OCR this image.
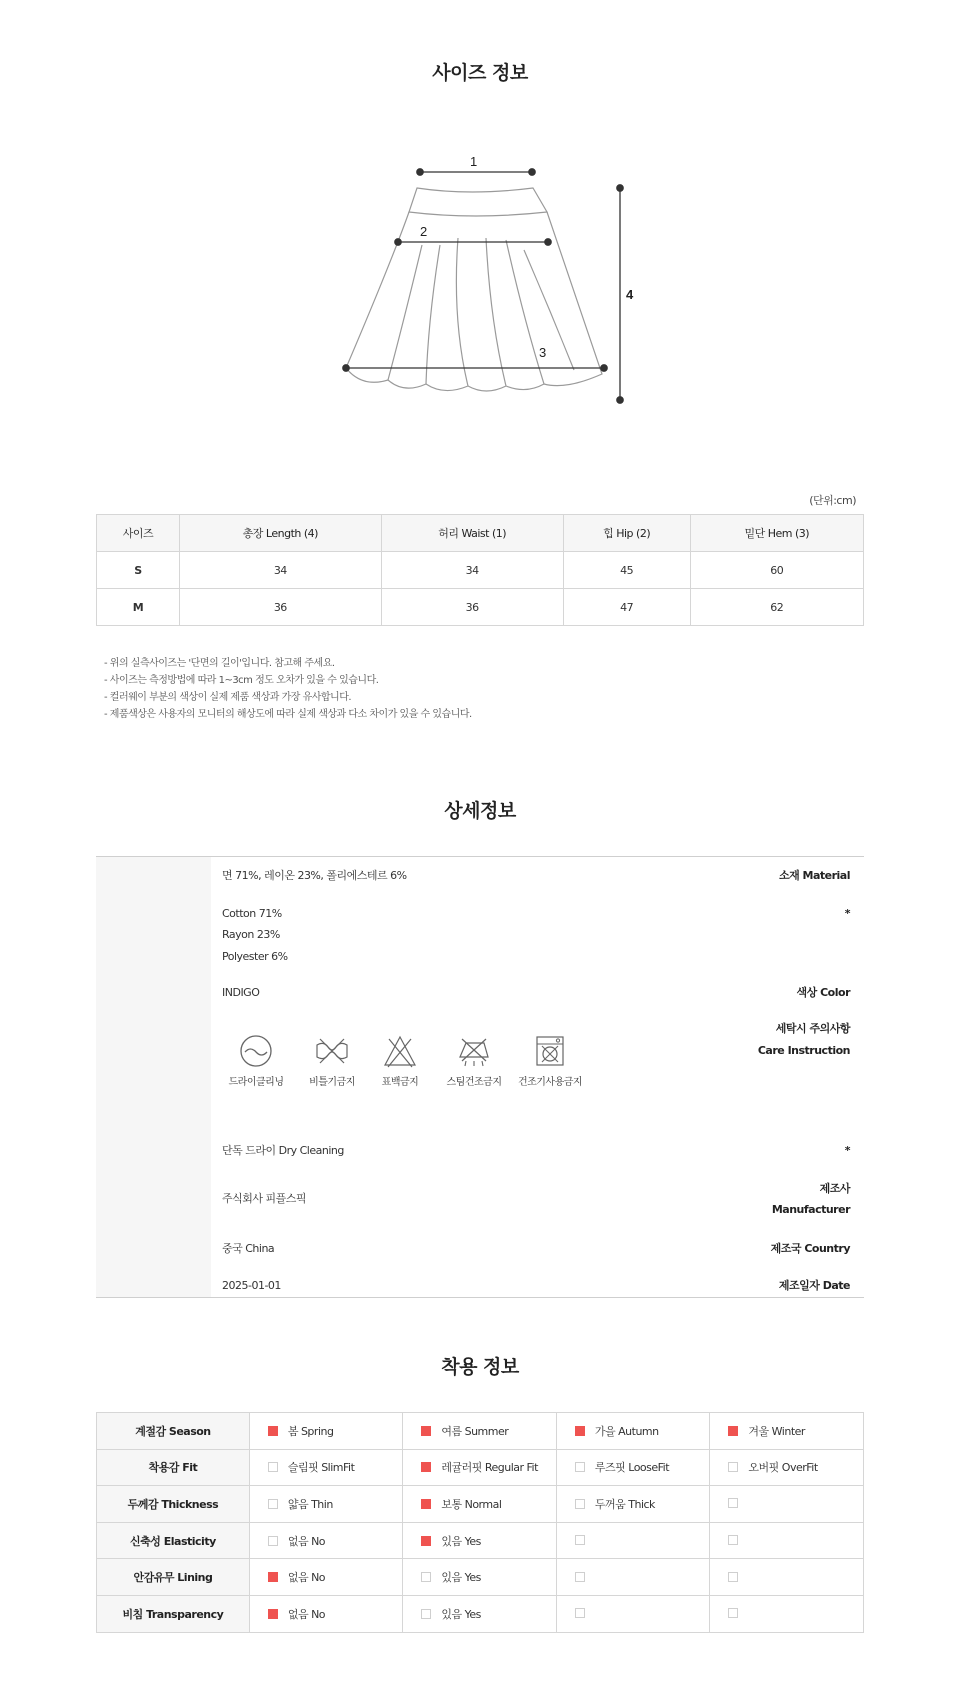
사이즈 정보
1
2
3
4
(단위:cm)
사이즈	총장 Length (4)	허리 Waist (1)	힙 Hip (2)	밑단 Hem (3)
S	34	34	45	60
M	36	36	47	62
- 위의 실측사이즈는 '단면의 길이'입니다. 참고해 주세요.
- 사이즈는 측정방법에 따라 1~3cm 정도 오차가 있을 수 있습니다.
- 컬러웨이 부분의 색상이 실제 제품 색상과 가장 유사합니다.
- 제품색상은 사용자의 모니터의 해상도에 따라 실제 색상과 다소 차이가 있을 수 있습니다.
상세정보
소재 Material
면 71%, 레이온 23%, 폴리에스테르 6%
*
Cotton 71%
Rayon 23%
Polyester 6%
색상 Color
INDIGO
세탁시 주의사항
Care Instruction
드라이클리닝	비틀기금지	표백금지	스팀건조금지	건조기사용금지
*
단독 드라이 Dry Cleaning
제조사
Manufacturer
주식회사 피플스픽
제조국 Country
중국 China
제조일자 Date
2025-01-01
착용 정보
계절감 Season	봄 Spring	여름 Summer	가을 Autumn	겨울 Winter
착용감 Fit	슬림핏 SlimFit	레귤러핏 Regular Fit	루즈핏 LooseFit	오버핏 OverFit
두께감 Thickness	얇음 Thin	보통 Normal	두꺼움 Thick	
신축성 Elasticity	없음 No	있음 Yes		
안감유무 Lining	없음 No	있음 Yes		
비침 Transparency	없음 No	있음 Yes		
